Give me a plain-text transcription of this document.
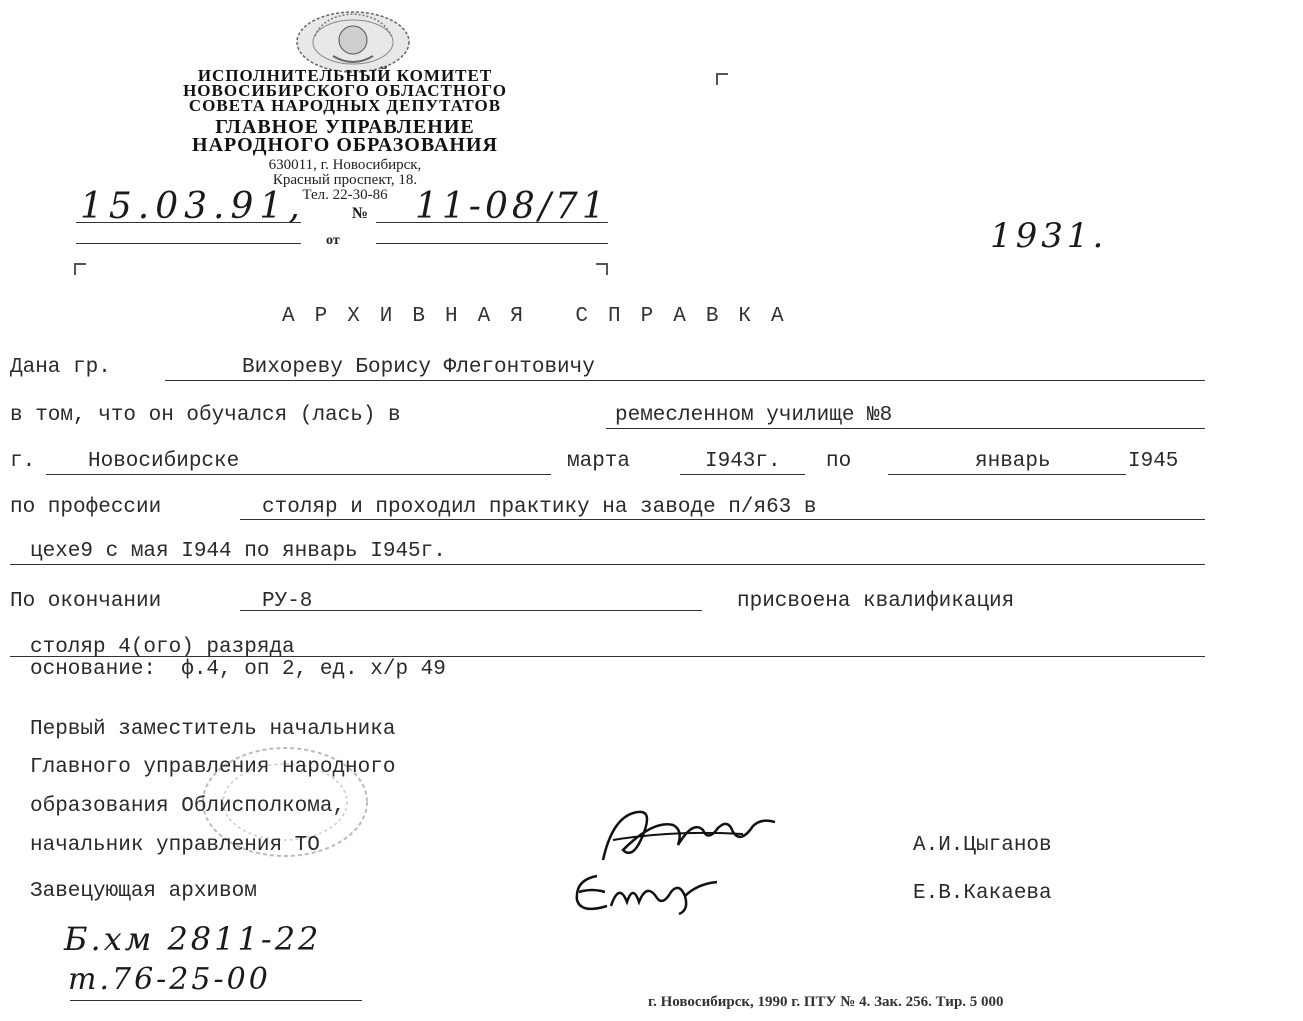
ИСПОЛНИТЕЛЬНЫЙ КОМИТЕТ
НОВОСИБИРСКОГО ОБЛАСТНОГО
СОВЕТА НАРОДНЫХ ДЕПУТАТОВ
ГЛАВНОЕ УПРАВЛЕНИЕ
НАРОДНОГО ОБРАЗОВАНИЯ
630011, г. Новосибирск,
Красный проспект, 18.
Тел. 22-30-86
15.03.91,	№ 11-08/71
от	1931.
АРХИВНАЯ СПРАВКА
Дана гр.	Вихореву Борису Флегонтовичу
в том, что он обучался (лась) в	ремесленном училище №8
г.	Новосибирске	марта	I943г. по	январь	I945
по профессии	столяр и проходил практику на заводе п/я63 в
цехе9 с мая I944 по январь I945г.
По окончании	РУ-8	присвоена квалификация
столяр 4(ого) разряда
основание:  ф.4, оп 2, ед. х/р 49
Первый заместитель начальника
Главного управления народного
образования Облисполкома,
начальник управления ТО	А.И.Цыганов
Завецующая архивом	Е.В.Какаева
Б.хм 2811-22
т.76-25-00
г. Новосибирск, 1990 г. ПТУ № 4. Зак. 256. Тир. 5 000
